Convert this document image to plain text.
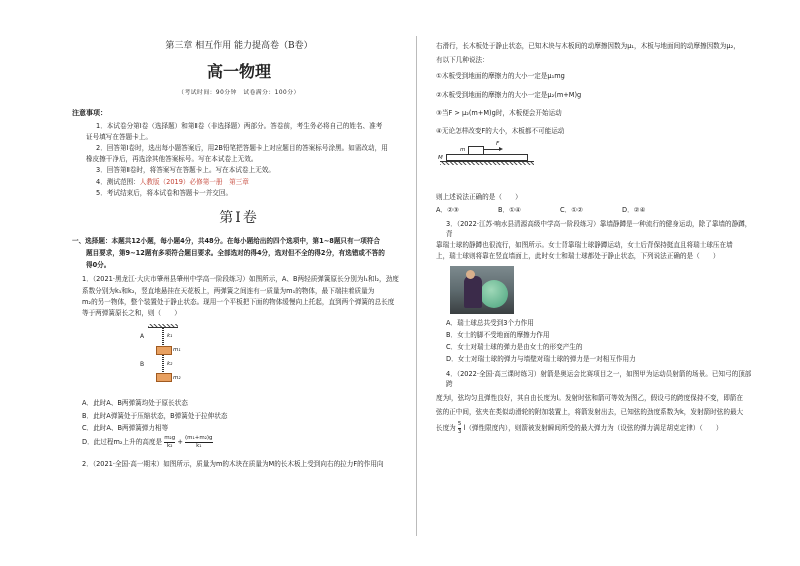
第三章 相互作用 能力提高卷（B卷）
高一物理
（考试时间：90分钟　试卷满分：100分）
注意事项：
1．本试卷分第Ⅰ卷（选择题）和第Ⅱ卷（非选择题）两部分。答卷前，考生务必将自己的姓名、准考
证号填写在答题卡上。
2．回答第Ⅰ卷时，选出每小题答案后，用2B铅笔把答题卡上对应题目的答案标号涂黑。如需改动，用
橡皮擦干净后，再选涂其他答案标号。写在本试卷上无效。
3．回答第Ⅱ卷时，将答案写在答题卡上。写在本试卷上无效。
4．测试范围：人教版（2019）必修第一册　第三章
5．考试结束后，将本试卷和答题卡一并交回。
第Ⅰ卷
一、选择题：本题共12小题，每小题4分，共48分。在每小题给出的四个选项中，第1~8题只有一项符合
题目要求，第9~12题有多项符合题目要求。全部选对的得4分，选对但不全的得2分，有选错或不答的
得0分。
1．（2021·黑龙江·大庆市肇州县肇州中学高一阶段练习）如图所示，A、B两轻质弹簧原长分别为l₁和l₂，劲度
系数分别为k₁和k₂，竖直地悬挂在天花板上，两弹簧之间连有一质量为m₁的物体，最下端挂着质量为
m₂的另一物体，整个装置处于静止状态。现用一个平板把下面的物体缓慢向上托起，直到两个弹簧的总长度
等于两弹簧原长之和，则（　　）
A	k₁
m₁
B	k₂
m₂
A．此时A、B两弹簧均处于原长状态
B．此时A弹簧处于压缩状态，B弹簧处于拉伸状态
C．此时A、B两弹簧弹力相等
D．此过程m₂上升的高度是 $\frac{\text{m₂g}}{\text{k₂}} + \frac{\text{(m₁+m₂)g}}{\text{k₁}}$
2．（2021·全国·高一期末）如图所示，质量为m的木块在质量为M的长木板上受到向右的拉力F的作用向
右滑行，长木板处于静止状态，已知木块与木板间的动摩擦因数为μ₁，木板与地面间的动摩擦因数为μ₂，
有以下几种说法：
①木板受到地面的摩擦力的大小一定是μ₁mg
②木板受到地面的摩擦力的大小一定是μ₂(m+M)g
③当F > μ₂(m+M)g时，木板便会开始运动
④无论怎样改变F的大小，木板都不可能运动
m
F
M
则上述说法正确的是（　　）
A．②③	B．①④	C．①②	D．②④
3．（2022·江苏·响水县清源高级中学高一阶段练习）靠墙静蹲是一种流行的健身运动，除了靠墙的静蹲，背
靠瑞士球的静蹲也很流行，如图所示。女士背靠瑞士球静蹲运动，女士后背保持挺直且将瑞士球压在墙
上，瑞士球则将靠在竖直墙面上，此时女士和瑞士球都处于静止状态，下列说法正确的是（　　）
A．瑞士球总共受到3个力作用
B．女士的脚不受地面的摩擦力作用
C．女士对瑞士球的弹力是由女士的形变产生的
D．女士对瑞士球的弹力与墙壁对瑞士球的弹力是一对相互作用力
4．（2022·全国·高三课时练习）射箭是奥运会比赛项目之一，如图甲为运动员射箭的场景。已知弓的顶部跨
度为l，弦均匀且弹性良好，其自由长度为l。发射时弦和箭可等效为图乙，假设弓的跨度保持不变，即箭在
弦的正中间，弦夹在类似动滑轮的附加装置上，将箭发射出去，已知弦的劲度系数为k，发射箭时弦的最大
长度为 $\frac{5}{3} l$（弹性限度内），则箭被发射瞬间所受的最大弹力为（设弦的弹力满足胡克定律）（　　）
